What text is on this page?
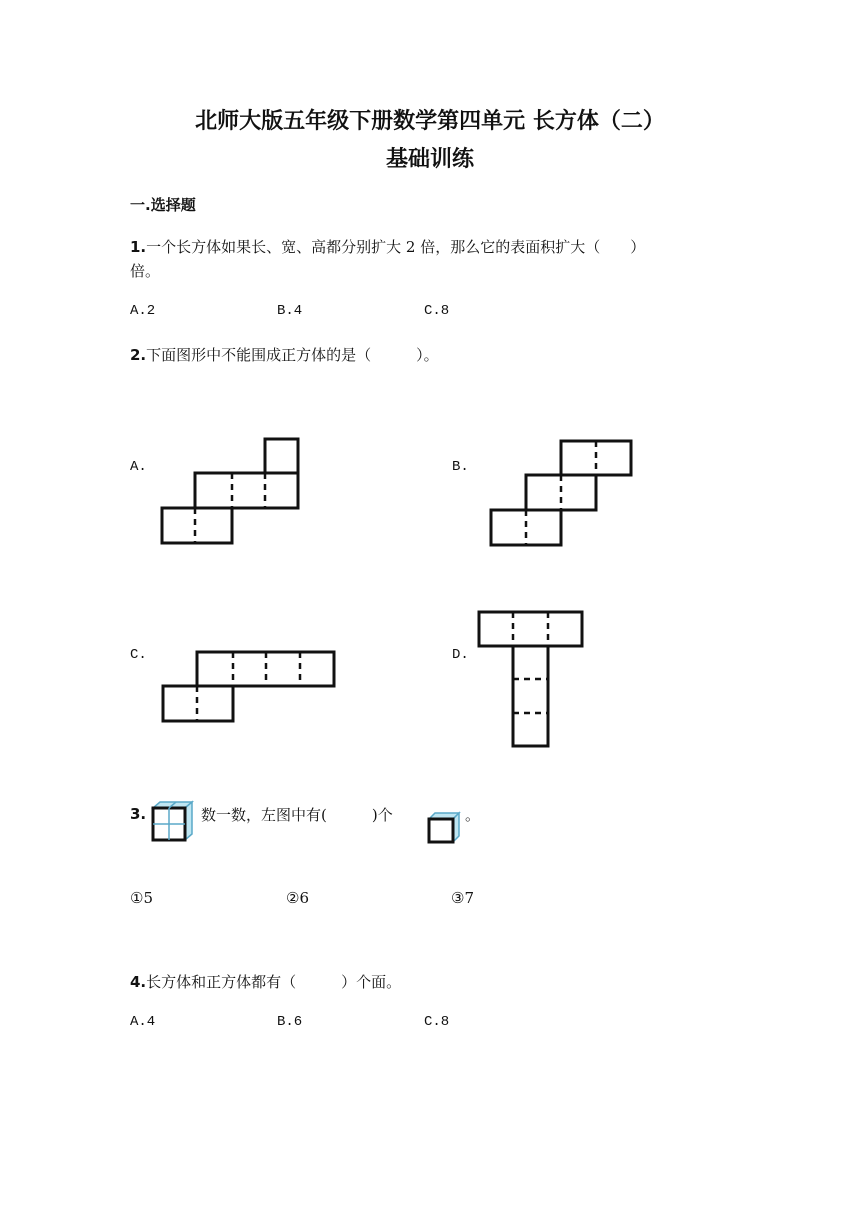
北师大版五年级下册数学第四单元 长方体（二）
基础训练
一.选择题
1.一个长方体如果长、宽、高都分别扩大 2 倍，那么它的表面积扩大（　　）
倍。
A.2	B.4	C.8
2.下面图形中不能围成正方体的是（　　　）。
A.	B.
C.	D.
3.	数一数，左图中有(　　　)个	。
①5	②6	③7
4.长方体和正方体都有（　　　）个面。
A.4	B.6	C.8
